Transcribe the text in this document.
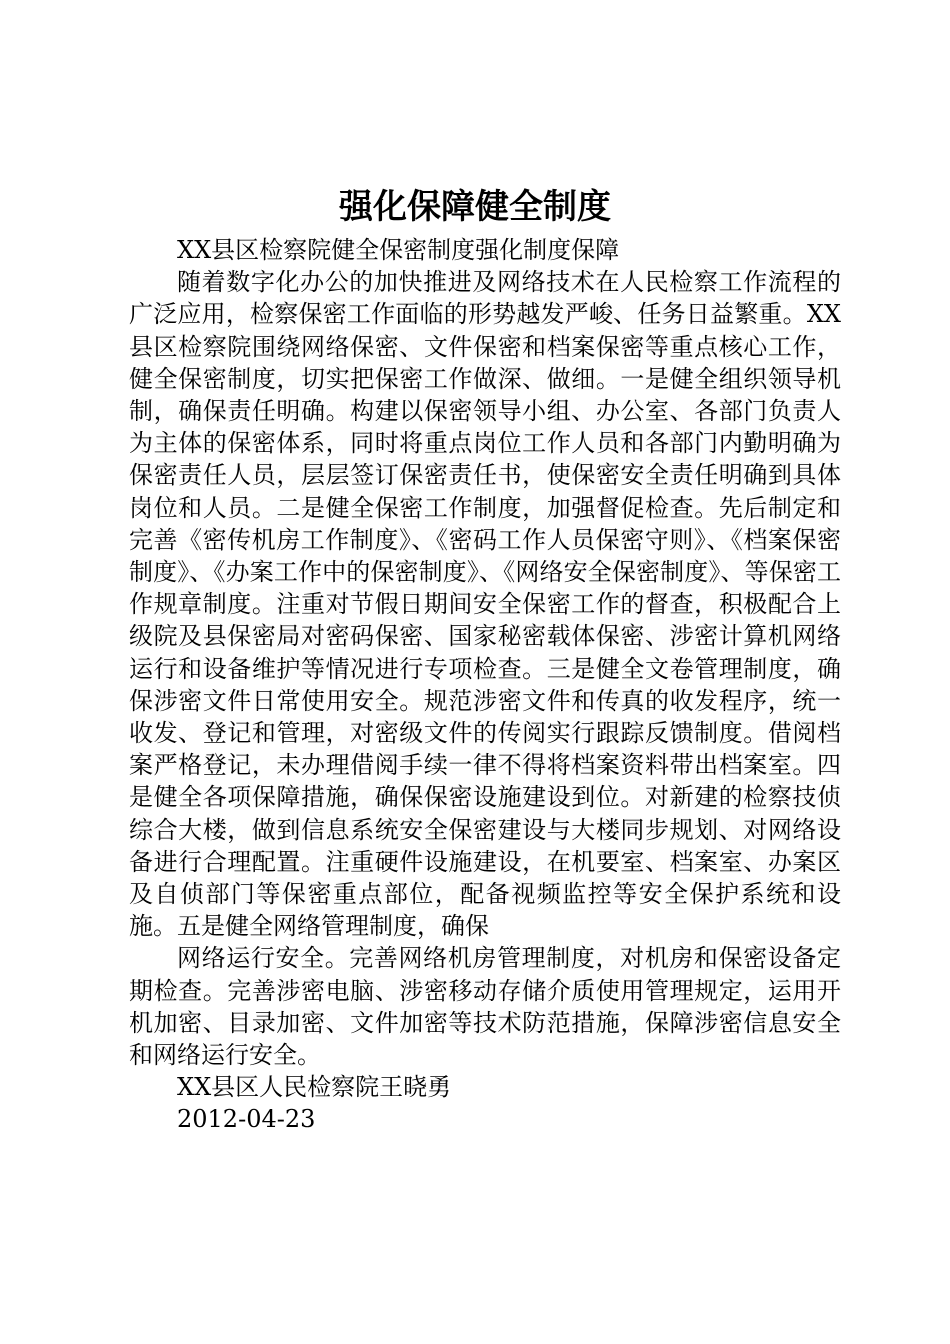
强化保障健全制度

XX县区检察院健全保密制度强化制度保障

随着数字化办公的加快推进及网络技术在人民检察工作流程的广泛应用，检察保密工作面临的形势越发严峻、任务日益繁重。XX县区检察院围绕网络保密、文件保密和档案保密等重点核心工作，健全保密制度，切实把保密工作做深、做细。一是健全组织领导机制，确保责任明确。构建以保密领导小组、办公室、各部门负责人为主体的保密体系，同时将重点岗位工作人员和各部门内勤明确为保密责任人员，层层签订保密责任书，使保密安全责任明确到具体岗位和人员。二是健全保密工作制度，加强督促检查。先后制定和完善《密传机房工作制度》、《密码工作人员保密守则》、《档案保密制度》、《办案工作中的保密制度》、《网络安全保密制度》、等保密工作规章制度。注重对节假日期间安全保密工作的督查，积极配合上级院及县保密局对密码保密、国家秘密载体保密、涉密计算机网络运行和设备维护等情况进行专项检查。三是健全文卷管理制度，确保涉密文件日常使用安全。规范涉密文件和传真的收发程序，统一收发、登记和管理，对密级文件的传阅实行跟踪反馈制度。借阅档案严格登记，未办理借阅手续一律不得将档案资料带出档案室。四是健全各项保障措施，确保保密设施建设到位。对新建的检察技侦综合大楼，做到信息系统安全保密建设与大楼同步规划、对网络设备进行合理配置。注重硬件设施建设，在机要室、档案室、办案区及自侦部门等保密重点部位，配备视频监控等安全保护系统和设施。五是健全网络管理制度，确保

网络运行安全。完善网络机房管理制度，对机房和保密设备定期检查。完善涉密电脑、涉密移动存储介质使用管理规定，运用开机加密、目录加密、文件加密等技术防范措施，保障涉密信息安全和网络运行安全。

XX县区人民检察院王晓勇

2012-04-23
